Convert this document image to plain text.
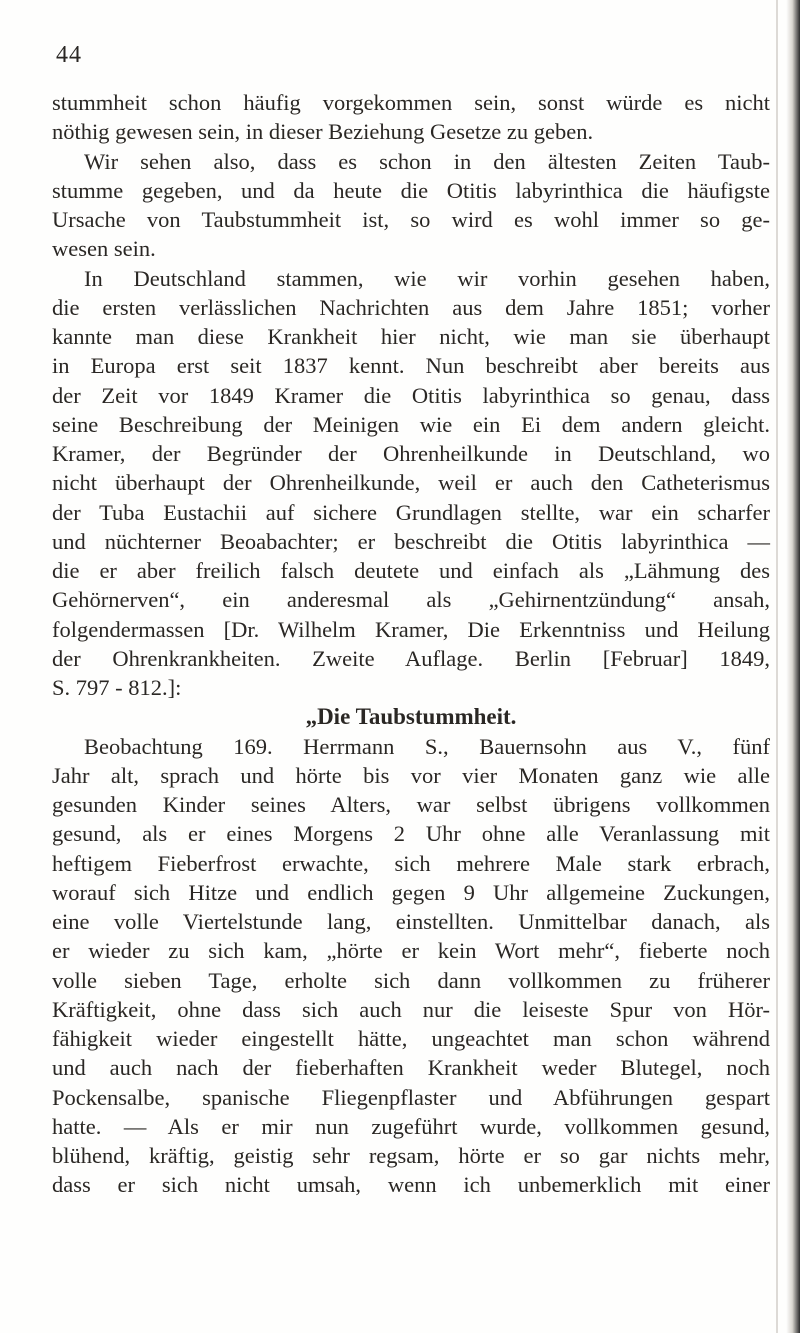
44
stummheit schon häufig vorgekommen sein, sonst würde es nicht
nöthig gewesen sein, in dieser Beziehung Gesetze zu geben.
Wir sehen also, dass es schon in den ältesten Zeiten Taub-
stumme gegeben, und da heute die Otitis labyrinthica die häufigste
Ursache von Taubstummheit ist, so wird es wohl immer so ge-
wesen sein.
In Deutschland stammen, wie wir vorhin gesehen haben,
die ersten verlässlichen Nachrichten aus dem Jahre 1851; vorher
kannte man diese Krankheit hier nicht, wie man sie überhaupt
in Europa erst seit 1837 kennt. Nun beschreibt aber bereits aus
der Zeit vor 1849 Kramer die Otitis labyrinthica so genau, dass
seine Beschreibung der Meinigen wie ein Ei dem andern gleicht.
Kramer, der Begründer der Ohrenheilkunde in Deutschland, wo
nicht überhaupt der Ohrenheilkunde, weil er auch den Catheterismus
der Tuba Eustachii auf sichere Grundlagen stellte, war ein scharfer
und nüchterner Beoabachter; er beschreibt die Otitis labyrinthica —
die er aber freilich falsch deutete und einfach als „Lähmung des
Gehörnerven“, ein anderesmal als „Gehirnentzündung“ ansah,
folgendermassen [Dr. Wilhelm Kramer, Die Erkenntniss und Heilung
der Ohrenkrankheiten. Zweite Auflage. Berlin [Februar] 1849,
S. 797 - 812.]:
„Die Taubstummheit.
Beobachtung 169. Herrmann S., Bauernsohn aus V., fünf
Jahr alt, sprach und hörte bis vor vier Monaten ganz wie alle
gesunden Kinder seines Alters, war selbst übrigens vollkommen
gesund, als er eines Morgens 2 Uhr ohne alle Veranlassung mit
heftigem Fieberfrost erwachte, sich mehrere Male stark erbrach,
worauf sich Hitze und endlich gegen 9 Uhr allgemeine Zuckungen,
eine volle Viertelstunde lang, einstellten. Unmittelbar danach, als
er wieder zu sich kam, „hörte er kein Wort mehr“, fieberte noch
volle sieben Tage, erholte sich dann vollkommen zu früherer
Kräftigkeit, ohne dass sich auch nur die leiseste Spur von Hör-
fähigkeit wieder eingestellt hätte, ungeachtet man schon während
und auch nach der fieberhaften Krankheit weder Blutegel, noch
Pockensalbe, spanische Fliegenpflaster und Abführungen gespart
hatte. — Als er mir nun zugeführt wurde, vollkommen gesund,
blühend, kräftig, geistig sehr regsam, hörte er so gar nichts mehr,
dass er sich nicht umsah, wenn ich unbemerklich mit einer
